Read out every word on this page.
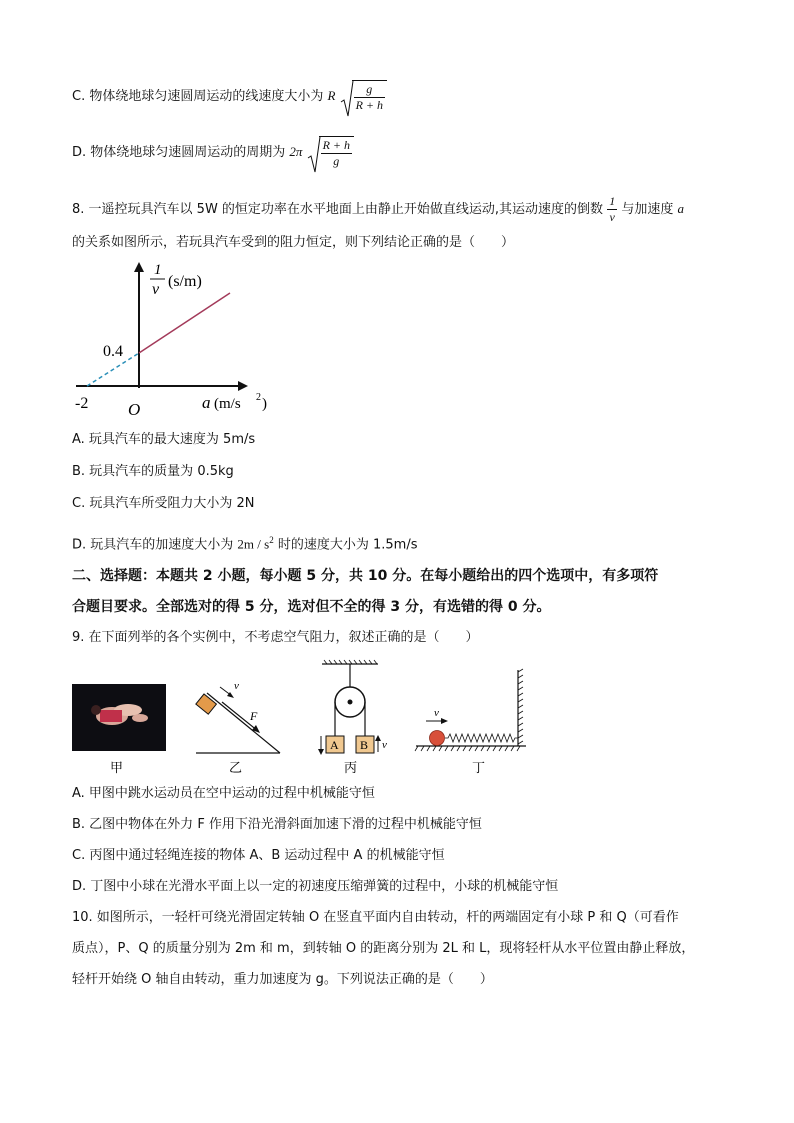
C. 物体绕地球匀速圆周运动的线速度大小为 R $\frac{g}{R + h}$
D. 物体绕地球匀速圆周运动的周期为 $2\pi \frac{R + h}{g}$
8. 一遥控玩具汽车以 5W 的恒定功率在水平地面上由静止开始做直线运动,其运动速度的倒数 $\frac{1}{v}$ 与加速度 a
的关系如图所示，若玩具汽车受到的阻力恒定，则下列结论正确的是（　　）
1
v (s/m)
0.4
-2 O	a (m/s 2 )
A. 玩具汽车的最大速度为 5m/s
B. 玩具汽车的质量为 0.5kg
C. 玩具汽车所受阻力大小为 2N
D. 玩具汽车的加速度大小为 $2m / s^2$ 时的速度大小为 1.5m/s
二、选择题：本题共 2 小题，每小题 5 分，共 10 分。在每小题给出的四个选项中，有多项符
合题目要求。全部选对的得 5 分，选对但不全的得 3 分，有选错的得 0 分。
9. 在下面列举的各个实例中，不考虑空气阻力，叙述正确的是（　　）
v
F
A B v
v
甲	乙	丙	丁
A. 甲图中跳水运动员在空中运动的过程中机械能守恒
B. 乙图中物体在外力 F 作用下沿光滑斜面加速下滑的过程中机械能守恒
C. 丙图中通过轻绳连接的物体 A、B 运动过程中 A 的机械能守恒
D. 丁图中小球在光滑水平面上以一定的初速度压缩弹簧的过程中，小球的机械能守恒
10. 如图所示，一轻杆可绕光滑固定转轴 O 在竖直平面内自由转动，杆的两端固定有小球 P 和 Q（可看作
质点），P、Q 的质量分别为 2m 和 m，到转轴 O 的距离分别为 2L 和 L，现将轻杆从水平位置由静止释放，
轻杆开始绕 O 轴自由转动，重力加速度为 g。下列说法正确的是（　　）
